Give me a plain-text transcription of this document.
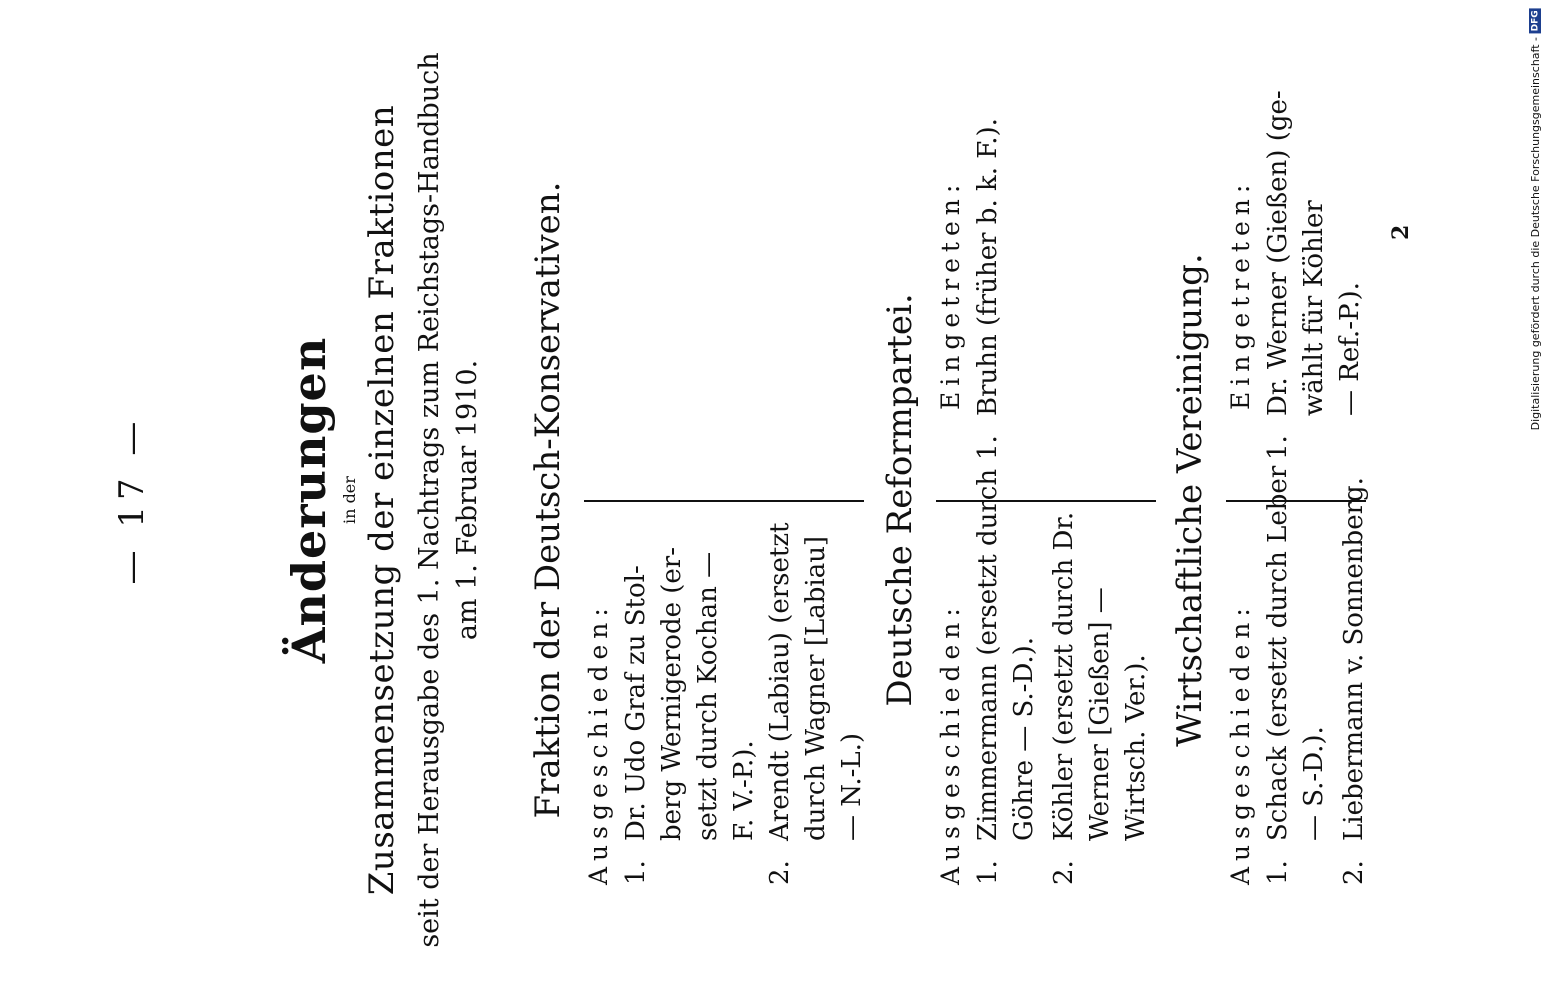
— 17 —	Änderungen in der Zusammensetzung der einzelnen Fraktionen seit der Herausgabe des 1. Nachtrags zum Reichstags-Handbuch am 1. Februar 1910. Fraktion der Deutsch-Konservativen. Ausgeschieden: 1.
Dr. Udo Graf zu Stol- berg Wernigerode (er- setzt durch Kochan — F. V.-P.).
2.
Arendt (Labiau) (ersetzt durch Wagner [Labiau] — N.-L.)
Deutsche Reformpartei.
Ausgeschieden:
Eingetreten:
1.
Zimmermann (ersetzt durch Göhre — S.-D.).
2.
Köhler (ersetzt durch Dr. Werner [Gießen] — Wirtsch. Ver.).
1.
Bruhn (früher b. k. F.).	Wirtschaftliche Vereinigung. Ausgeschieden:
Eingetreten:
1.
Schack (ersetzt durch Leber — S.-D.).
2.
Liebermann v. Sonnenberg.
1.
Dr. Werner (Gießen) (ge- wählt für Köhler — Ref.-P.).
2	Digitalisierung gefördert durch die Deutsche Forschungsgemeinschaft -
DFG
